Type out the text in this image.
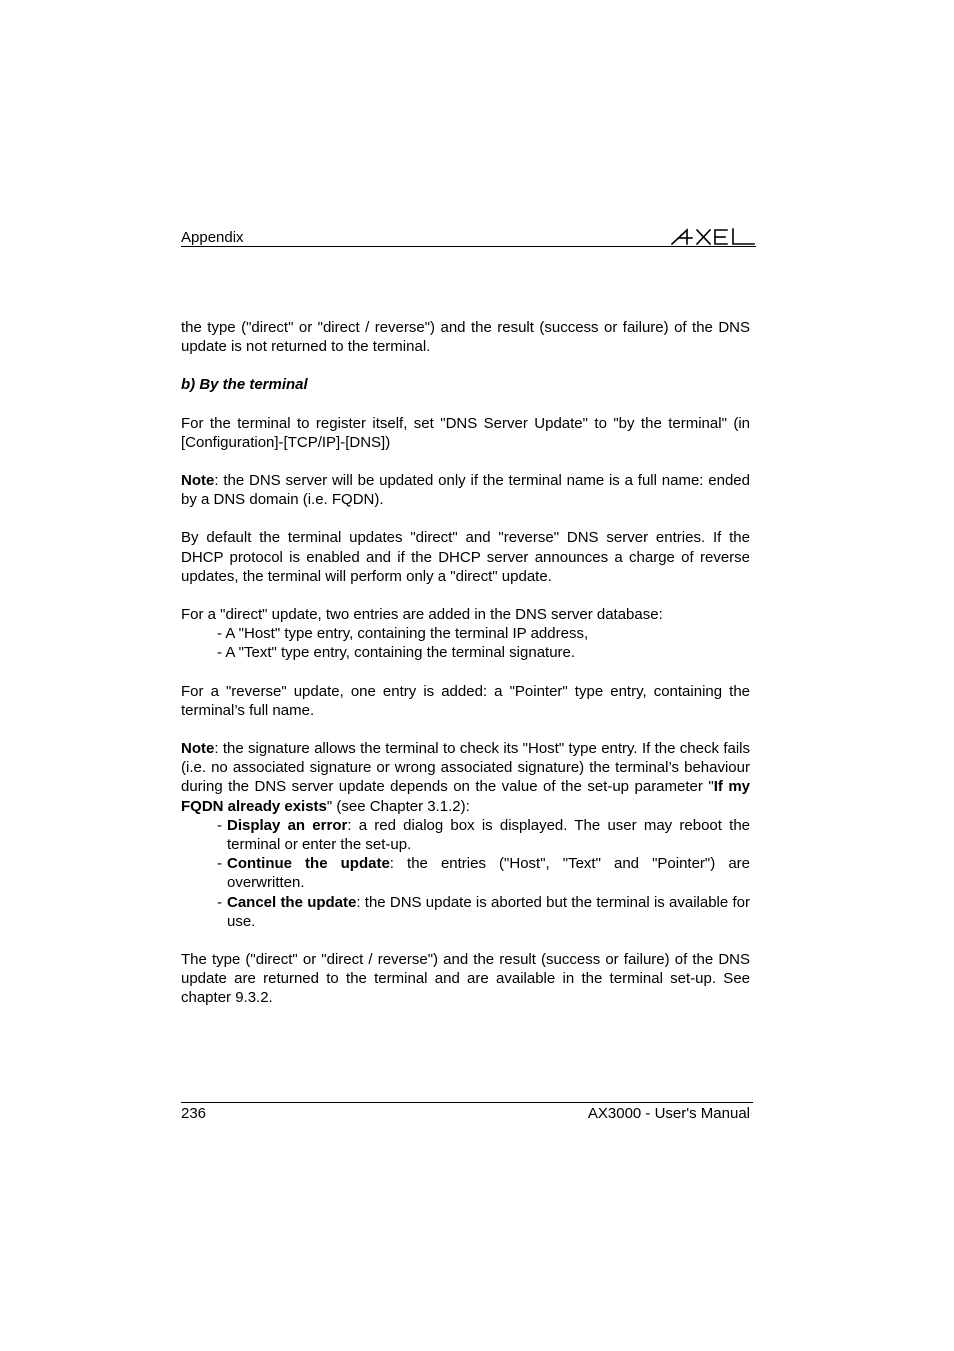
Appendix

the type ("direct" or "direct / reverse") and the result (success or failure) of the DNS update is not returned to the terminal.

b) By the terminal

For the terminal to register itself, set "DNS Server Update" to "by the terminal" (in [Configuration]-[TCP/IP]-[DNS])

Note: the DNS server will be updated only if the terminal name is a full name: ended by a DNS domain (i.e. FQDN).

By default the terminal updates "direct" and "reverse" DNS server entries. If the DHCP protocol is enabled and if the DHCP server announces a charge of reverse updates, the terminal will perform only a "direct" update.

For a "direct" update, two entries are added in the DNS server database:
- A "Host" type entry, containing the terminal IP address,
- A "Text" type entry, containing the terminal signature.

For a "reverse" update, one entry is added: a "Pointer" type entry, containing the terminal’s full name.

Note: the signature allows the terminal to check its "Host" type entry. If the check fails (i.e. no associated signature or wrong associated signature) the terminal’s behaviour during the DNS server update depends on the value of the set-up parameter "If my FQDN already exists" (see Chapter 3.1.2):
- Display an error: a red dialog box is displayed. The user may reboot the terminal or enter the set-up.
- Continue the update: the entries ("Host", "Text" and "Pointer") are overwritten.
- Cancel the update: the DNS update is aborted but the terminal is available for use.

The type ("direct" or "direct / reverse") and the result (success or failure) of the DNS update are returned to the terminal and are available in the terminal set-up. See chapter 9.3.2.

236	AX3000 - User's Manual
